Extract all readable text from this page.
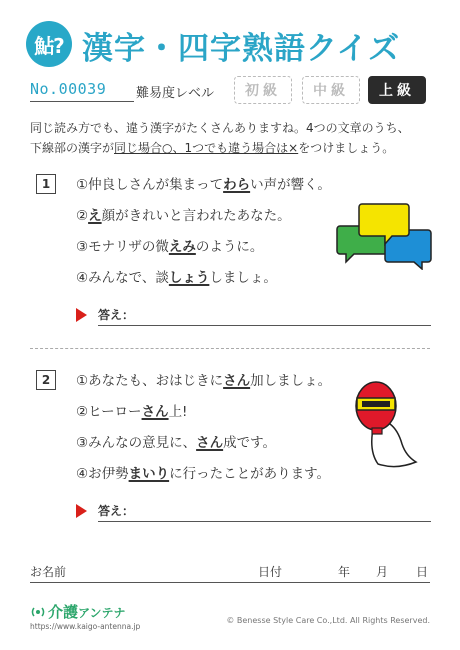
鮎? 漢字・四字熟語クイズ
No.00039 難易度レベル	初級	中級	上級
同じ読み方でも、違う漢字がたくさんありますね。4つの文章のうち、
下線部の漢字が同じ場合○、1つでも違う場合は×をつけましょう。
1	①仲良しさんが集まってわらい声が響く。
②え顔がきれいと言われたあなた。
③モナリザの微えみのように。
④みんなで、談しょうしましょ。
答え：
2	①あなたも、おはじきにさん加しましょ。
②ヒーローさん上!
③みんなの意見に、さん成です。
④お伊勢まいりに行ったことがあります。
答え：
お名前	日付	年 月 日
介護アンテナ
https://www.kaigo-antenna.jp
© Benesse Style Care Co.,Ltd. All Rights Reserved.
